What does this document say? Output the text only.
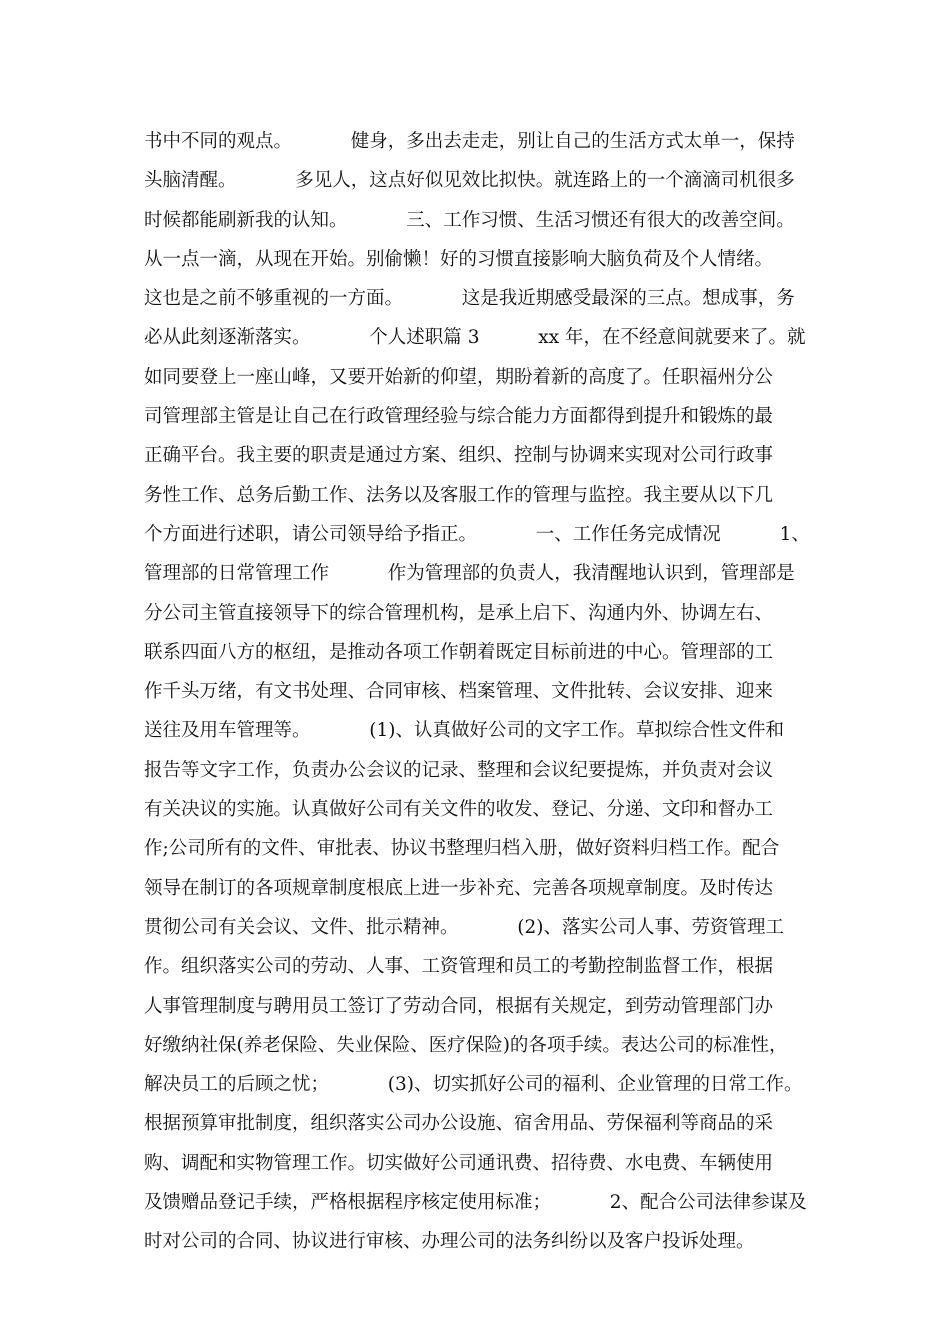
书中不同的观点。          健身，多出去走走，别让自己的生活方式太单一，保持
头脑清醒。          多见人，这点好似见效比拟快。就连路上的一个滴滴司机很多
时候都能刷新我的认知。          三、工作习惯、生活习惯还有很大的改善空间。
从一点一滴，从现在开始。别偷懒！好的习惯直接影响大脑负荷及个人情绪。
这也是之前不够重视的一方面。          这是我近期感受最深的三点。想成事，务
必从此刻逐渐落实。          个人述职篇 3          xx 年，在不经意间就要来了。就
如同要登上一座山峰，又要开始新的仰望，期盼着新的高度了。任职福州分公
司管理部主管是让自己在行政管理经验与综合能力方面都得到提升和锻炼的最
正确平台。我主要的职责是通过方案、组织、控制与协调来实现对公司行政事
务性工作、总务后勤工作、法务以及客服工作的管理与监控。我主要从以下几
个方面进行述职，请公司领导给予指正。          一、工作任务完成情况          1、
管理部的日常管理工作          作为管理部的负责人，我清醒地认识到，管理部是
分公司主管直接领导下的综合管理机构，是承上启下、沟通内外、协调左右、
联系四面八方的枢纽，是推动各项工作朝着既定目标前进的中心。管理部的工
作千头万绪，有文书处理、合同审核、档案管理、文件批转、会议安排、迎来
送往及用车管理等。          (1)、认真做好公司的文字工作。草拟综合性文件和
报告等文字工作，负责办公会议的记录、整理和会议纪要提炼，并负责对会议
有关决议的实施。认真做好公司有关文件的收发、登记、分递、文印和督办工
作;公司所有的文件、审批表、协议书整理归档入册，做好资料归档工作。配合
领导在制订的各项规章制度根底上进一步补充、完善各项规章制度。及时传达
贯彻公司有关会议、文件、批示精神。          (2)、落实公司人事、劳资管理工
作。组织落实公司的劳动、人事、工资管理和员工的考勤控制监督工作，根据
人事管理制度与聘用员工签订了劳动合同，根据有关规定，到劳动管理部门办
好缴纳社保(养老保险、失业保险、医疗保险)的各项手续。表达公司的标准性，
解决员工的后顾之忧；          (3)、切实抓好公司的福利、企业管理的日常工作。
根据预算审批制度，组织落实公司办公设施、宿舍用品、劳保福利等商品的采
购、调配和实物管理工作。切实做好公司通讯费、招待费、水电费、车辆使用
及馈赠品登记手续，严格根据程序核定使用标准；          2、配合公司法律参谋及
时对公司的合同、协议进行审核、办理公司的法务纠纷以及客户投诉处理。
